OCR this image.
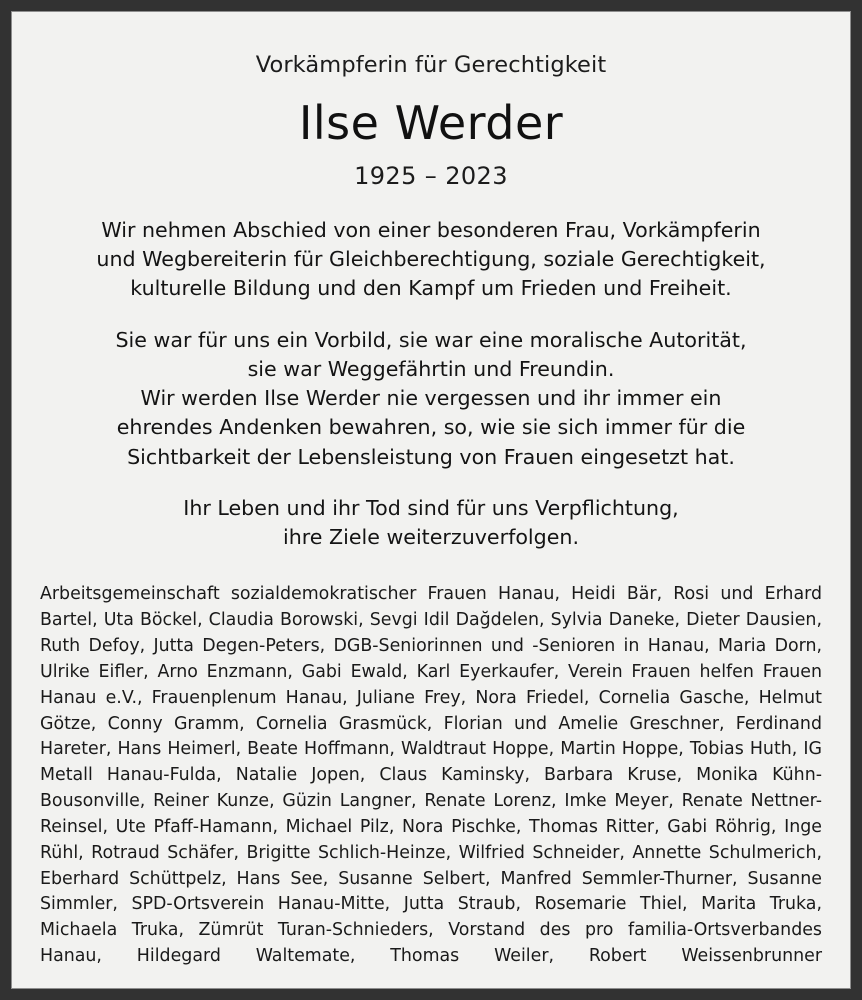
Vorkämpferin für Gerechtigkeit
Ilse Werder
1925 – 2023

Wir nehmen Abschied von einer besonderen Frau, Vorkämpferin

und Wegbereiterin für Gleichberechtigung, soziale Gerechtigkeit,

kulturelle Bildung und den Kampf um Frieden und Freiheit.

Sie war für uns ein Vorbild, sie war eine moralische Autorität,

sie war Weggefährtin und Freundin.

Wir werden Ilse Werder nie vergessen und ihr immer ein

ehrendes Andenken bewahren, so, wie sie sich immer für die

Sichtbarkeit der Lebensleistung von Frauen eingesetzt hat.

Ihr Leben und ihr Tod sind für uns Verpflichtung,

ihre Ziele weiterzuverfolgen.

Arbeitsgemeinschaft sozialdemokratischer Frauen Hanau, Heidi Bär, Rosi und Erhard Bartel, Uta Böckel, Claudia Borowski, Sevgi Idil Dağdelen, Sylvia Daneke, Dieter Dausien, Ruth Defoy, Jutta Degen-Peters, DGB-Seniorinnen und -Senioren in Hanau, Maria Dorn, Ulrike Eifler, Arno Enzmann, Gabi Ewald, Karl Eyerkaufer, Verein Frauen helfen Frauen Hanau e.V., Frauenplenum Hanau, Juliane Frey, Nora Friedel, Cornelia Gasche, Helmut Götze, Conny Gramm, Cornelia Grasmück, Florian und Amelie Greschner, Ferdinand Hareter, Hans Heimerl, Beate Hoffmann, Waldtraut Hoppe, Martin Hoppe, Tobias Huth, IG Metall Hanau-Fulda, Natalie Jopen, Claus Kaminsky, Barbara Kruse, Monika Kühn-Bousonville, Reiner Kunze, Güzin Langner, Renate Lorenz, Imke Meyer, Renate Nettner-Reinsel, Ute Pfaff-Hamann, Michael Pilz, Nora Pischke, Thomas Ritter, Gabi Röhrig, Inge Rühl, Rotraud Schäfer, Brigitte Schlich-Heinze, Wilfried Schneider, Annette Schulmerich, Eberhard Schüttpelz, Hans See, Susanne Selbert, Manfred Semmler-Thurner, Susanne Simmler, SPD-Ortsverein Hanau-Mitte, Jutta Straub, Rosemarie Thiel, Marita Truka, Michaela Truka, Zümrüt Turan-Schnieders, Vorstand des pro familia-Ortsverbandes Hanau, Hildegard Waltemate, Thomas Weiler, Robert Weissenbrunner
